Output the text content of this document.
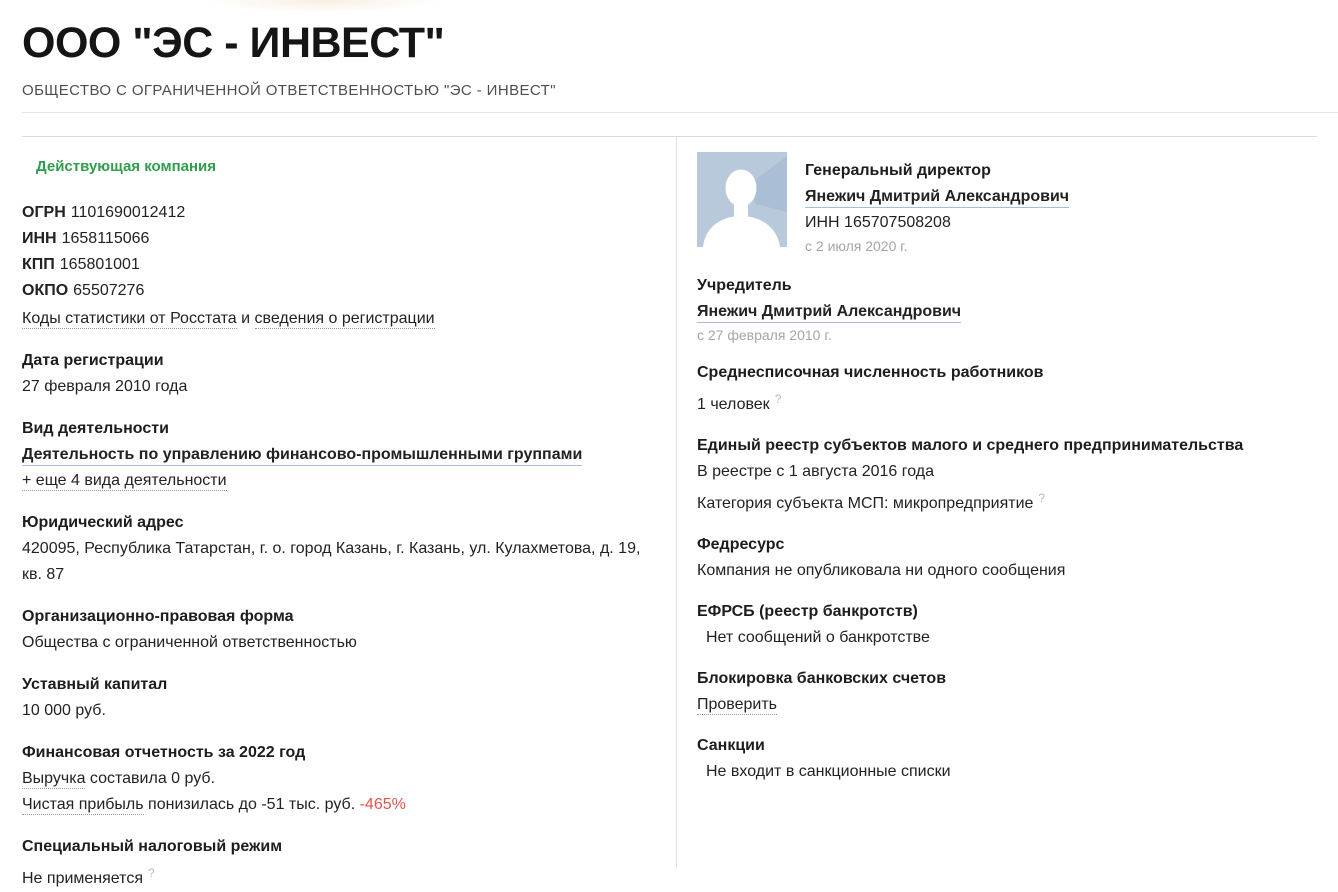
ООО "ЭС - ИНВЕСТ"
ОБЩЕСТВО С ОГРАНИЧЕННОЙ ОТВЕТСТВЕННОСТЬЮ "ЭС - ИНВЕСТ"
Действующая компания
ОГРН 1101690012412
ИНН 1658115066
КПП 165801001
ОКПО 65507276
Коды статистики от Росстата и сведения о регистрации
Дата регистрации
27 февраля 2010 года
Вид деятельности
Деятельность по управлению финансово-промышленными группами
+ еще 4 вида деятельности
Юридический адрес
420095, Республика Татарстан, г. о. город Казань, г. Казань, ул. Кулахметова, д. 19, кв. 87
Организационно-правовая форма
Общества с ограниченной ответственностью
Уставный капитал
10 000 руб.
Финансовая отчетность за 2022 год
Выручка составила 0 руб.
Чистая прибыль понизилась до -51 тыс. руб. -465%
Специальный налоговый режим
Не применяется ?
Генеральный директор
Янежич Дмитрий Александрович
ИНН 165707508208
с 2 июля 2020 г.
Учредитель
Янежич Дмитрий Александрович
с 27 февраля 2010 г.
Среднесписочная численность работников
1 человек ?
Единый реестр субъектов малого и среднего предпринимательства
В реестре с 1 августа 2016 года
Категория субъекта МСП: микропредприятие ?
Федресурс
Компания не опубликовала ни одного сообщения
ЕФРСБ (реестр банкротств)
Нет сообщений о банкротстве
Блокировка банковских счетов
Проверить
Санкции
Не входит в санкционные списки
